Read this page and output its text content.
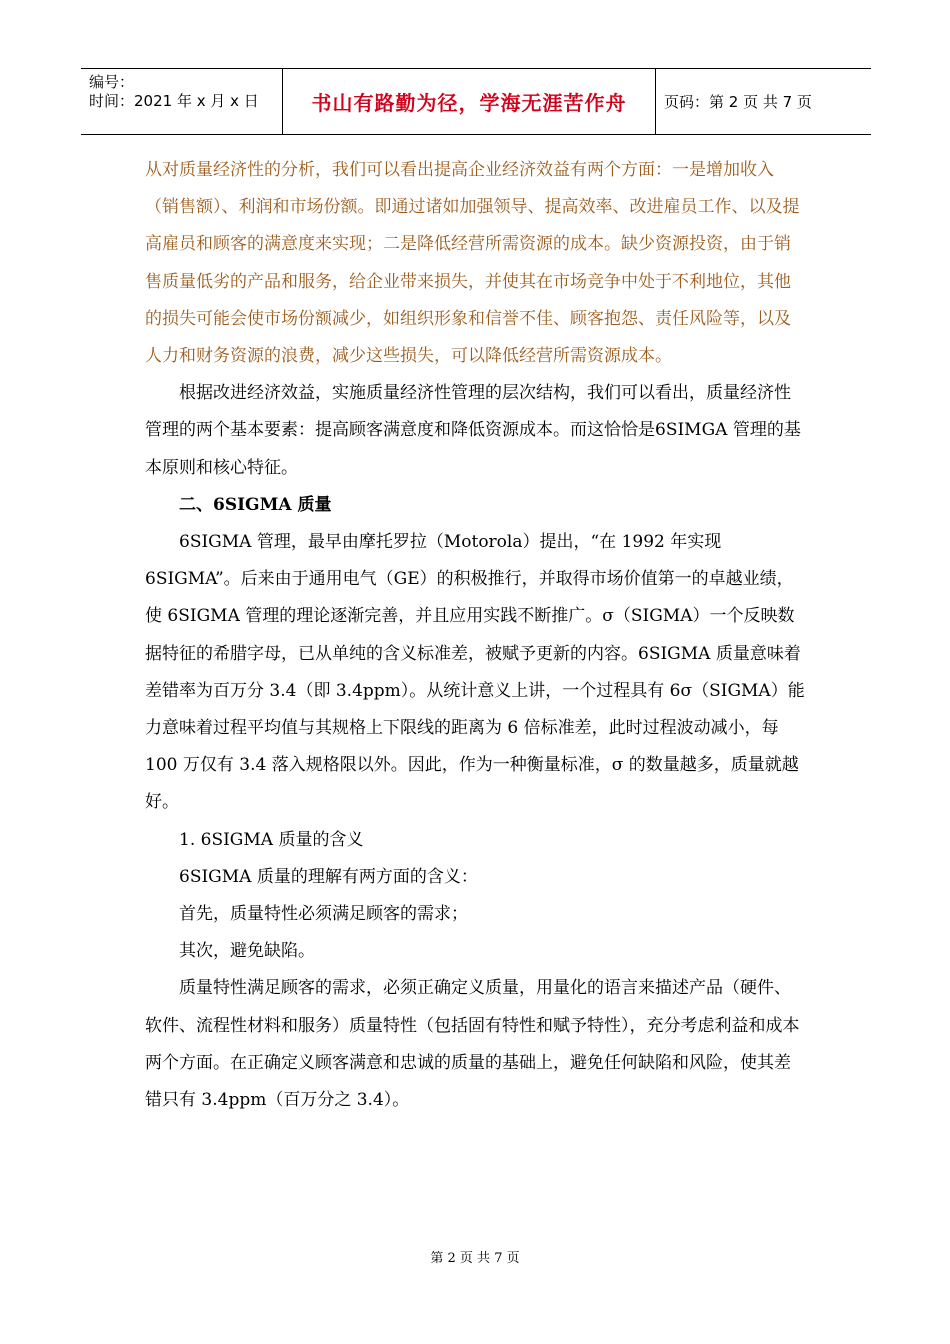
编号：
时间：2021 年 x 月 x 日	书山有路勤为径，学海无涯苦作舟	页码：第 2 页 共 7 页

从对质量经济性的分析，我们可以看出提高企业经济效益有两个方面：一是增加收入（销售额）、利润和市场份额。即通过诸如加强领导、提高效率、改进雇员工作、以及提高雇员和顾客的满意度来实现；二是降低经营所需资源的成本。缺少资源投资，由于销售质量低劣的产品和服务，给企业带来损失，并使其在市场竞争中处于不利地位，其他的损失可能会使市场份额减少，如组织形象和信誉不佳、顾客抱怨、责任风险等，以及人力和财务资源的浪费，减少这些损失，可以降低经营所需资源成本。

根据改进经济效益，实施质量经济性管理的层次结构，我们可以看出，质量经济性管理的两个基本要素：提高顾客满意度和降低资源成本。而这恰恰是6SIMGA 管理的基本原则和核心特征。

二、6SIGMA 质量

6SIGMA 管理，最早由摩托罗拉（Motorola）提出，“在 1992 年实现6SIGMA”。后来由于通用电气（GE）的积极推行，并取得市场价值第一的卓越业绩，使 6SIGMA 管理的理论逐渐完善，并且应用实践不断推广。σ（SIGMA）一个反映数据特征的希腊字母，已从单纯的含义标准差，被赋予更新的内容。6SIGMA 质量意味着差错率为百万分 3.4（即 3.4ppm）。从统计意义上讲，一个过程具有 6σ（SIGMA）能力意味着过程平均值与其规格上下限线的距离为 6 倍标准差，此时过程波动减小，每 100 万仅有 3.4 落入规格限以外。因此，作为一种衡量标准，σ 的数量越多，质量就越好。

1. 6SIGMA 质量的含义

6SIGMA 质量的理解有两方面的含义：

首先，质量特性必须满足顾客的需求；

其次，避免缺陷。

质量特性满足顾客的需求，必须正确定义质量，用量化的语言来描述产品（硬件、软件、流程性材料和服务）质量特性（包括固有特性和赋予特性），充分考虑利益和成本两个方面。在正确定义顾客满意和忠诚的质量的基础上，避免任何缺陷和风险，使其差错只有 3.4ppm（百万分之 3.4）。

第 2 页 共 7 页
